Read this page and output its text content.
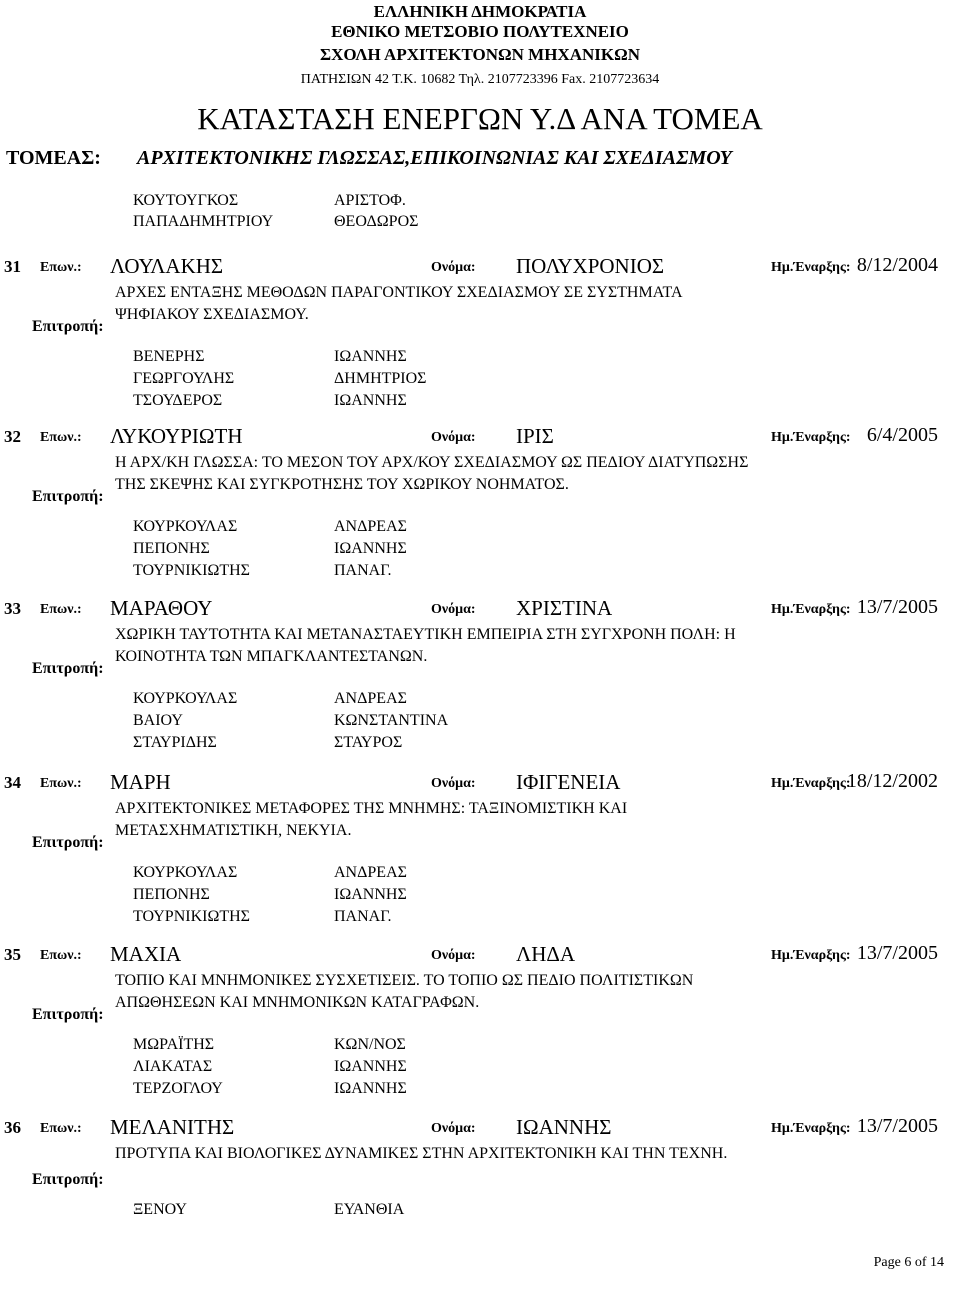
ΕΛΛΗΝΙΚΗ ΔΗΜΟΚΡΑΤΙΑ
ΕΘΝΙΚΟ ΜΕΤΣΟΒΙΟ ΠΟΛΥΤΕΧΝΕΙΟ
ΣΧΟΛΗ ΑΡΧΙΤΕΚΤΟΝΩΝ ΜΗΧΑΝΙΚΩΝ
ΠΑΤΗΣΙΩΝ 42 Τ.Κ. 10682 Τηλ. 2107723396 Fax. 2107723634
ΚΑΤΑΣΤΑΣΗ ΕΝΕΡΓΩΝ Υ.Δ ΑΝΑ ΤΟΜΕΑ
ΤΟΜΕΑΣ: ΑΡΧΙΤΕΚΤΟΝΙΚΗΣ ΓΛΩΣΣΑΣ,ΕΠΙΚΟΙΝΩΝΙΑΣ ΚΑΙ ΣΧΕΔΙΑΣΜΟΥ
ΚΟΥΤΟΥΓΚΟΣ	ΑΡΙΣΤΟΦ.
ΠΑΠΑΔΗΜΗΤΡΙΟΥ	ΘΕΟΔΩΡΟΣ
31 Επων.: ΛΟΥΛΑΚΗΣ	Ονόμα: ΠΟΛΥΧΡΟΝΙΟΣ	Ημ.Έναρξης: 8/12/2004
ΑΡΧΕΣ ΕΝΤΑΞΗΣ ΜΕΘΟΔΩΝ ΠΑΡΑΓΟΝΤΙΚΟΥ ΣΧΕΔΙΑΣΜΟΥ ΣΕ ΣΥΣΤΗΜΑΤΑ
ΨΗΦΙΑΚΟΥ ΣΧΕΔΙΑΣΜΟΥ.
Επιτροπή:
ΒΕΝΕΡΗΣ	ΙΩΑΝΝΗΣ
ΓΕΩΡΓΟΥΛΗΣ	ΔΗΜΗΤΡΙΟΣ
ΤΣΟΥΔΕΡΟΣ	ΙΩΑΝΝΗΣ
32 Επων.: ΛΥΚΟΥΡΙΩΤΗ	Ονόμα: ΙΡΙΣ	Ημ.Έναρξης: 6/4/2005
Η ΑΡΧ/ΚΗ ΓΛΩΣΣΑ: ΤΟ ΜΕΣΟΝ ΤΟΥ ΑΡΧ/ΚΟΥ ΣΧΕΔΙΑΣΜΟΥ ΩΣ ΠΕΔΙΟΥ ΔΙΑΤΥΠΩΣΗΣ
ΤΗΣ ΣΚΕΨΗΣ ΚΑΙ ΣΥΓΚΡΟΤΗΣΗΣ ΤΟΥ ΧΩΡΙΚΟΥ ΝΟΗΜΑΤΟΣ.
Επιτροπή:
ΚΟΥΡΚΟΥΛΑΣ	ΑΝΔΡΕΑΣ
ΠΕΠΟΝΗΣ	ΙΩΑΝΝΗΣ
ΤΟΥΡΝΙΚΙΩΤΗΣ	ΠΑΝΑΓ.
33 Επων.: ΜΑΡΑΘΟΥ	Ονόμα: ΧΡΙΣΤΙΝΑ	Ημ.Έναρξης: 13/7/2005
ΧΩΡΙΚΗ ΤΑΥΤΟΤΗΤΑ ΚΑΙ ΜΕΤΑΝΑΣΤΑΕΥΤΙΚΗ ΕΜΠΕΙΡΙΑ ΣΤΗ ΣΥΓΧΡΟΝΗ ΠΟΛΗ: Η
ΚΟΙΝΟΤΗΤΑ ΤΩΝ ΜΠΑΓΚΛΑΝΤΕΣΤΑΝΩΝ.
Επιτροπή:
ΚΟΥΡΚΟΥΛΑΣ	ΑΝΔΡΕΑΣ
ΒΑΙΟΥ	ΚΩΝΣΤΑΝΤΙΝΑ
ΣΤΑΥΡΙΔΗΣ	ΣΤΑΥΡΟΣ
34 Επων.: ΜΑΡΗ	Ονόμα: ΙΦΙΓΕΝΕΙΑ	Ημ.Έναρξης:
18/12/2002
ΑΡΧΙΤΕΚΤΟΝΙΚΕΣ ΜΕΤΑΦΟΡΕΣ ΤΗΣ ΜΝΗΜΗΣ: ΤΑΞΙΝΟΜΙΣΤΙΚΗ ΚΑΙ
ΜΕΤΑΣΧΗΜΑΤΙΣΤΙΚΗ, ΝΕΚΥΙΑ.
Επιτροπή:
ΚΟΥΡΚΟΥΛΑΣ	ΑΝΔΡΕΑΣ
ΠΕΠΟΝΗΣ	ΙΩΑΝΝΗΣ
ΤΟΥΡΝΙΚΙΩΤΗΣ	ΠΑΝΑΓ.
35 Επων.: ΜΑΧΙΑ	Ονόμα: ΛΗΔΑ	Ημ.Έναρξης: 13/7/2005
ΤΟΠΙΟ ΚΑΙ ΜΝΗΜΟΝΙΚΕΣ ΣΥΣΧΕΤΙΣΕΙΣ. ΤΟ ΤΟΠΙΟ ΩΣ ΠΕΔΙΟ ΠΟΛΙΤΙΣΤΙΚΩΝ
ΑΠΩΘΗΣΕΩΝ ΚΑΙ ΜΝΗΜΟΝΙΚΩΝ ΚΑΤΑΓΡΑΦΩΝ.
Επιτροπή:
ΜΩΡΑΪΤΗΣ	ΚΩΝ/ΝΟΣ
ΛΙΑΚΑΤΑΣ	ΙΩΑΝΝΗΣ
ΤΕΡΖΟΓΛΟΥ	ΙΩΑΝΝΗΣ
36 Επων.: ΜΕΛΑΝΙΤΗΣ	Ονόμα: ΙΩΑΝΝΗΣ	Ημ.Έναρξης: 13/7/2005
ΠΡΟΤΥΠΑ ΚΑΙ ΒΙΟΛΟΓΙΚΕΣ ΔΥΝΑΜΙΚΕΣ ΣΤΗΝ ΑΡΧΙΤΕΚΤΟΝΙΚΗ ΚΑΙ ΤΗΝ ΤΕΧΝΗ.
Επιτροπή:
ΞΕΝΟΥ	ΕΥΑΝΘΙΑ
Page 6 of 14
